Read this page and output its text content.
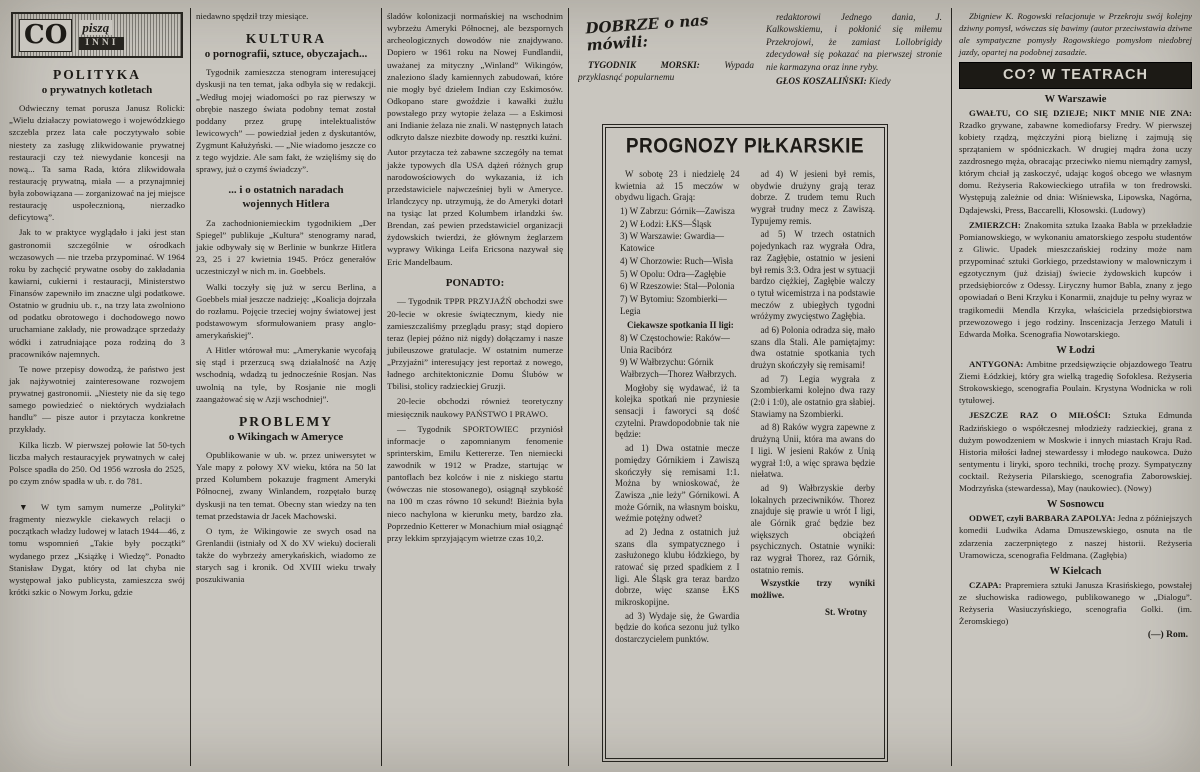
CO	piszą
INNI
POLITYKA
o prywatnych kotletach

Odwieczny temat porusza Janusz Rolicki: „Wielu działaczy powiatowego i wojewódzkiego szczebla przez lata całe poczytywało sobie niestety za zasługę zlikwidowanie prywatnej restauracji czy też niewydanie koncesji na nową... Ta sama Rada, która zlikwidowała restaurację prywatną, miała — a przynajmniej była zobowiązana — zorganizować na jej miejsce restaurację uspołecznioną, nierzadko deficytową”.

Jak to w praktyce wyglądało i jaki jest stan gastronomii szczególnie w ośrodkach wczasowych — nie trzeba przypominać. W 1964 roku by zachęcić prywatne osoby do zakładania kawiarni, cukierni i restauracji, Ministerstwo Finansów zapewniło im znaczne ulgi podatkowe. Ostatnio w grudniu ub. r., na trzy lata zwolniono od podatku obrotowego i dochodowego nowo uruchamiane zakłady, nie prowadzące sprzedaży wódki i zatrudniające poza rodziną do 3 pracowników najemnych.

Te nowe przepisy dowodzą, że państwo jest jak najżywotniej zainteresowane rozwojem prywatnej gastronomii. „Niestety nie da się tego samego powiedzieć o niektórych wydziałach handlu” — pisze autor i przytacza konkretne przykłady.

Kilka liczb. W pierwszej połowie lat 50-tych liczba małych restauracyjek prywatnych w całej Polsce spadła do 250. Od 1956 wzrosła do 2525, po czym znów spadła w ub. r. do 781.

▼ W tym samym numerze „Polityki” fragmenty niezwykle ciekawych relacji o początkach władzy ludowej w latach 1944—46, z tomu wspomnień „Takie były początki” wydanego przez „Książkę i Wiedzę”. Ponadto Stanisław Dygat, który od lat chyba nie występował jako publicysta, zamieszcza swój krótki szkic o Nowym Jorku, gdzie

niedawno spędził trzy miesiące.

KULTURA
o pornografii, sztuce, obyczajach...

Tygodnik zamieszcza stenogram interesującej dyskusji na ten temat, jaka odbyła się w redakcji. „Według mojej wiadomości po raz pierwszy w obrębie naszego świata podobny temat został poddany przez grupę intelektualistów lewicowych” — powiedział jeden z dyskutantów, Zygmunt Kałużyński. — „Nie wiadomo jeszcze co z tego wyjdzie. Ale sam fakt, że wzięliśmy się do sprawy, już o czymś świadczy”.

... i o ostatnich naradach wojennych Hitlera

Za zachodnioniemieckim tygodnikiem „Der Spiegel” publikuje „Kultura” stenogramy narad, jakie odbywały się w Berlinie w bunkrze Hitlera 23, 25 i 27 kwietnia 1945. Prócz generałów uczestniczył w nich m. in. Goebbels.

Walki toczyły się już w sercu Berlina, a Goebbels miał jeszcze nadzieję: „Koalicja dojrzała do rozłamu. Pojęcie trzeciej wojny światowej jest podstawowym sformułowaniem prasy anglo-amerykańskiej”.

A Hitler wtórował mu: „Amerykanie wycofają się stąd i przerzucą swą działalność na Azję wschodnią, wdadzą tu jednocześnie Rosjan. Nas uwolnią na tyle, by Rosjanie nie mogli zaangażować się w Azji wschodniej”.

PROBLEMY
o Wikingach w Ameryce

Opublikowanie w ub. w. przez uniwersytet w Yale mapy z połowy XV wieku, która na 50 lat przed Kolumbem pokazuje fragment Ameryki Północnej, zwany Winlandem, rozpętało burzę dyskusji na ten temat. Obecny stan wiedzy na ten temat przedstawia dr Jacek Machowski.

O tym, że Wikingowie ze swych osad na Grenlandii (istniały od X do XV wieku) docierali także do wybrzeży amerykańskich, wiadomo ze starych sag i kronik. Od XVIII wieku trwały poszukiwania

śladów kolonizacji normańskiej na wschodnim wybrzeżu Ameryki Północnej, ale bezspornych archeologicznych dowodów nie znajdywano. Dopiero w 1961 roku na Nowej Fundlandii, uważanej za mityczny „Winland” Wikingów, znaleziono ślady kamiennych zabudowań, które nie mogły być dziełem Indian czy Eskimosów. Odkopano stare gwoździe i kawałki żużlu powstałego przy wytopie żelaza — a Eskimosi ani Indianie żelaza nie znali. W następnych latach odkryto dalsze niezbite dowody np. resztki kuźni.

Autor przytacza też zabawne szczegóły na temat jakże typowych dla USA dążeń różnych grup narodowościowych do wykazania, iż ich przedstawiciele najwcześniej byli w Ameryce. Irlandczycy np. utrzymują, że do Ameryki dotarł na tysiąc lat przed Kolumbem irlandzki św. Brendan, zaś pewien przedstawiciel organizacji żydowskich twierdzi, że głównym żeglarzem wyprawy Wikinga Leifa Ericsona nazywał się Eric Mandelbaum.

PONADTO:

— Tygodnik TPPR PRZYJAŹŃ obchodzi swe 20-lecie w okresie świątecznym, kiedy nie zamieszczaliśmy przeglądu prasy; stąd dopiero teraz (lepiej późno niż nigdy) dołączamy i nasze jubileuszowe gratulacje. W ostatnim numerze „Przyjaźni” interesujący jest reportaż z nowego, ładnego architektonicznie Domu Ślubów w Tbilisi, stolicy radzieckiej Gruzji.

20-lecie obchodzi również teoretyczny miesięcznik naukowy PAŃSTWO I PRAWO.

— Tygodnik SPORTOWIEC przyniósł informacje o zapomnianym fenomenie sprinterskim, Emilu Kettererze. Ten niemiecki zawodnik w 1912 w Pradze, startując w pantoflach bez kolców i nie z niskiego startu (wówczas nie stosowanego), osiągnął szybkość na 100 m czas równo 10 sekund! Bieżnia była nieco nachylona w kierunku mety, bardzo zła. Poprzednio Ketterer w Monachium miał osiągnąć przy lekkim sprzyjającym wietrze czas 10,2.

DOBRZE o nas mówili:

TYGODNIK MORSKI:	Wypada przyklasnąć popularnemu

redaktorowi Jednego dania, J. Kalkowskiemu, i pokłonić się miłemu Przekrojowi, że zamiast Lollobrigidy zdecydował się pokazać na pierwszej stronie nie karmazyna oraz inne ryby.

GŁOS KOSZALIŃSKI: Kiedy

PROGNOZY PIŁKARSKIE

W sobotę 23 i niedzielę 24 kwietnia aż 15 meczów w obydwu ligach. Grają:

1) W Zabrzu: Górnik—Zawisza

2) W Łodzi: ŁKS—Śląsk

3) W Warszawie: Gwardia—Katowice

4) W Chorzowie: Ruch—Wisła

5) W Opolu: Odra—Zagłębie

6) W Rzeszowie: Stal—Polonia

7) W Bytomiu: Szombierki—Legia

Ciekawsze spotkania II ligi:

8) W Częstochowie: Raków—Unia Racibórz

9) W Wałbrzychu: Górnik Wałbrzych—Thorez Wałbrzych.

Mogłoby się wydawać, iż ta kolejka spotkań nie przyniesie sensacji i faworyci są dość czytelni. Prawdopodobnie tak nie będzie:

ad 1) Dwa ostatnie mecze pomiędzy Górnikiem i Zawiszą skończyły się remisami 1:1. Można by wnioskować, że Zawisza „nie leży” Górnikowi. A może Górnik, na własnym boisku, weźmie potężny odwet?

ad 2) Jedna z ostatnich już szans dla sympatycznego i zasłużonego klubu łódzkiego, by ratować się przed spadkiem z I ligi. Ale Śląsk gra teraz bardzo dobrze, więc szanse ŁKS mikroskopijne.

ad 3) Wydaje się, że Gwardia będzie do końca sezonu już tylko dostarczycielem punktów.

ad 4) W jesieni był remis, obydwie drużyny grają teraz dobrze. Z trudem temu Ruch wygrał trudny mecz z Zawiszą. Typujemy remis.

ad 5) W trzech ostatnich pojedynkach raz wygrała Odra, raz Zagłębie, ostatnio w jesieni był remis 3:3. Odra jest w sytuacji bardzo ciężkiej, Zagłębie walczy o tytuł wicemistrza i na podstawie meczów z ubiegłych tygodni wróżymy zwycięstwo Zagłębia.

ad 6) Polonia odradza się, mało szans dla Stali. Ale pamiętajmy: dwa ostatnie spotkania tych drużyn skończyły się remisami!

ad 7) Legia wygrała z Szombierkami kolejno dwa razy (2:0 i 1:0), ale ostatnio gra słabiej. Stawiamy na Szombierki.

ad 8) Raków wygra zapewne z drużyną Unii, która ma awans do I ligi. W jesieni Raków z Unią wygrał 1:0, a więc sprawa będzie niełatwa.

ad 9) Wałbrzyskie derby lokalnych przeciwników. Thorez znajduje się prawie u wrót I ligi, ale Górnik grać będzie bez większych obciążeń psychicznych. Ostatnie wyniki: raz wygrał Thorez, raz Górnik, ostatnio remis.

Wszystkie trzy wyniki możliwe.

St. Wrotny

Zbigniew K. Rogowski relacjonuje w Przekroju swój kolejny dziwny pomysł, wówczas się bawimy (autor przeciwstawia dziwne ale sympatyczne pomysły Rogowskiego pomysłom niedobrej jazdy, opartej na podobnej zasadzie.

CO? W TEATRACH
W Warszawie

GWAŁTU, CO SIĘ DZIEJE; NIKT MNIE NIE ZNA: Rzadko grywane, zabawne komediofarsy Fredry. W pierwszej kobiety rządzą, mężczyźni piorą bieliznę i zajmują się sprzątaniem w spódniczkach. W drugiej mądra żona uczy zazdrosnego męża, obracając przeciwko niemu niemądry zamysł, którym chciał ją zaskoczyć, udając kogoś obcego we własnym domu. Reżyseria Rakowieckiego utrafiła w ton fredrowski. Występują zależnie od dnia: Wiśniewska, Lipowska, Nagórna, Dądajewski, Press, Baccarelli, Kłosowski. (Ludowy)

ZMIERZCH: Znakomita sztuka Izaaka Babla w przekładzie Pomianowskiego, w wykonaniu amatorskiego zespołu studentów z Gliwic. Upadek mieszczańskiej rodziny może nam przypominać sztuki Gorkiego, przedstawiony w malowniczym i egzotycznym (już dzisiaj) świecie żydowskich kupców i przedsiębiorców z Odessy. Liryczny humor Babla, znany z jego opowiadań o Beni Krzyku i Konarmii, znajduje tu pełny wyraz w tragikomedii Mendla Krzyka, właściciela przedsiębiorstwa przewozowego i jego rodziny. Inscenizacja Jerzego Matuli i Edwarda Mołka. Scenografia Nowotarskiego.

W Łodzi

ANTYGONA: Ambitne przedsięwzięcie objazdowego Teatru Ziemi Łódzkiej, który gra wielką tragedię Sofoklesa. Reżyseria Strokowskiego, scenografia Poulain. Krystyna Wodnicka w roli tytułowej.

JESZCZE RAZ O MIŁOŚCI: Sztuka Edmunda Radzińskiego o współczesnej młodzieży radzieckiej, grana z dużym powodzeniem w Moskwie i innych miastach Kraju Rad. Historia miłości ładnej stewardessy i młodego naukowca. Dużo sentymentu i liryki, sporo techniki, trochę prozy. Sympatyczny cocktail. Reżyseria Pilarskiego, scenografia Zaborowskiej. Modrzyńska (stewardessa), May (naukowiec). (Nowy)

W Sosnowcu

ODWET, czyli BARBARA ZAPOLYA: Jedna z późniejszych komedii Ludwika Adama Dmuszewskiego, osnuta na tle zdarzenia zaczerpniętego z naszej historii. Reżyseria Uramowicza, scenografia Feldmana. (Zagłębia)

W Kielcach

CZAPA: Prapremiera sztuki Janusza Krasińskiego, powstałej ze słuchowiska radiowego, publikowanego w „Dialogu”. Reżyseria Wasiuczyńskiego, scenografia Golki. (im. Żeromskiego)

(—) Rom.
